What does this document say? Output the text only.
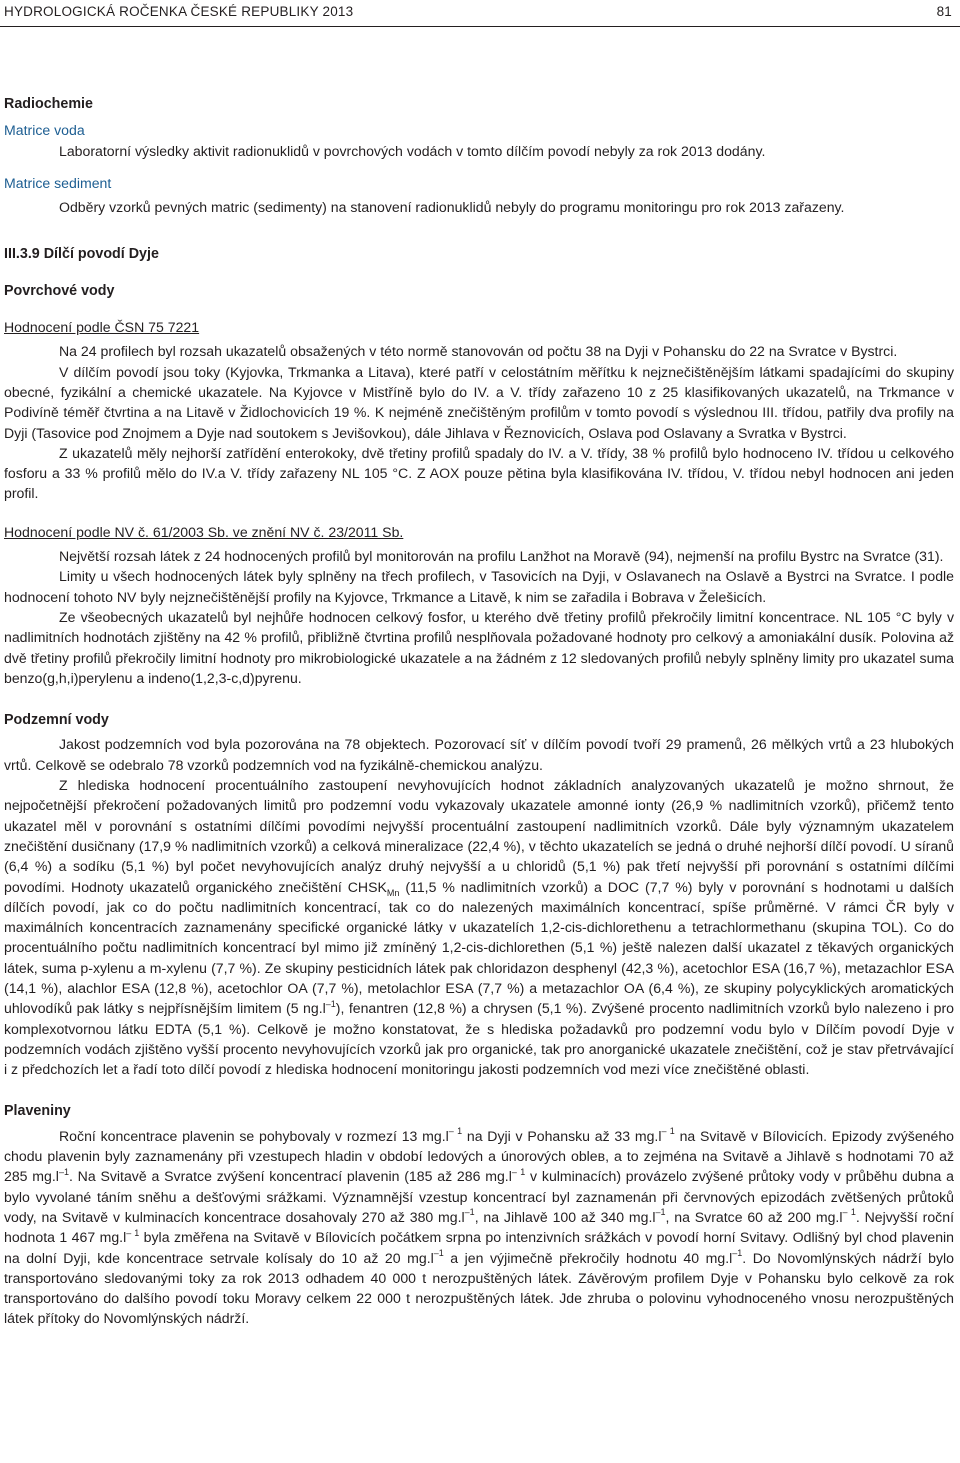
HYDROLOGICKÁ ROČENKA ČESKÉ REPUBLIKY 2013	81

Radiochemie

Matrice voda

Laboratorní výsledky aktivit radionuklidů v povrchových vodách v tomto dílčím povodí nebyly za rok 2013 dodány.

Matrice sediment

Odběry vzorků pevných matric (sedimenty) na stanovení radionuklidů nebyly do programu monitoringu pro rok 2013 zařazeny.

III.3.9 Dílčí povodí Dyje

Povrchové vody

Hodnocení podle ČSN 75 7221

Na 24 profilech byl rozsah ukazatelů obsažených v této normě stanovován od počtu 38 na Dyji v Pohansku do 22 na Svratce v Bystrci.

V dílčím povodí jsou toky (Kyjovka, Trkmanka a Litava), které patří v celostátním měřítku k nejznečištěnějším látkami spadajícími do skupiny obecné, fyzikální a chemické ukazatele. Na Kyjovce v Mistříně bylo do IV. a V. třídy zařazeno 10 z 25 klasifikovaných ukazatelů, na Trkmance v Podivíně téměř čtvrtina a na Litavě v Židlochovicích 19 %. K nejméně znečištěným profilům v tomto povodí s výslednou III. třídou, patřily dva profily na Dyji (Tasovice pod Znojmem a Dyje nad soutokem s Jevišovkou), dále Jihlava v Řeznovicích, Oslava pod Oslavany a Svratka v Bystrci.

Z ukazatelů měly nejhorší zatřídění enterokoky, dvě třetiny profilů spadaly do IV. a V. třídy, 38 % profilů bylo hodnoceno IV. třídou u celkového fosforu a 33 % profilů mělo do IV.a V. třídy zařazeny NL 105 °C. Z AOX pouze pětina byla klasifikována IV. třídou, V. třídou nebyl hodnocen ani jeden profil.

Hodnocení podle NV č. 61/2003 Sb. ve znění NV č. 23/2011 Sb.

Největší rozsah látek z 24 hodnocených profilů byl monitorován na profilu Lanžhot na Moravě (94), nejmenší na profilu Bystrc na Svratce (31).

Limity u všech hodnocených látek byly splněny na třech profilech, v Tasovicích na Dyji, v Oslavanech na Oslavě a Bystrci na Svratce. I podle hodnocení tohoto NV byly nejznečištěnější profily na Kyjovce, Trkmance a Litavě, k nim se zařadila i Bobrava v Želešicích.

Ze všeobecných ukazatelů byl nejhůře hodnocen celkový fosfor, u kterého dvě třetiny profilů překročily limitní koncentrace. NL 105 °C byly v nadlimitních hodnotách zjištěny na 42 % profilů, přibližně čtvrtina profilů nesplňovala požadované hodnoty pro celkový a amoniakální dusík. Polovina až dvě třetiny profilů překročily limitní hodnoty pro mikrobiologické ukazatele a na žádném z 12 sledovaných profilů nebyly splněny limity pro ukazatel suma benzo(g,h,i)perylenu a indeno(1,2,3-c,d)pyrenu.

Podzemní vody

Jakost podzemních vod byla pozorována na 78 objektech. Pozorovací síť v dílčím povodí tvoří 29 pramenů, 26 mělkých vrtů a 23 hlubokých vrtů. Celkově se odebralo 78 vzorků podzemních vod na fyzikálně-chemickou analýzu.

Z hlediska hodnocení procentuálního zastoupení nevyhovujících hodnot základních analyzovaných ukazatelů je možno shrnout, že nejpočetnější překročení požadovaných limitů pro podzemní vodu vykazovaly ukazatele amonné ionty (26,9 % nadlimitních vzorků), přičemž tento ukazatel měl v porovnání s ostatními dílčími povodími nejvyšší procentuální zastoupení nadlimitních vzorků. Dále byly významným ukazatelem znečištění dusičnany (17,9 % nadlimitních vzorků) a celková mineralizace (22,4 %), v těchto ukazatelích se jedná o druhé nejhorší dílčí povodí. U síranů (6,4 %) a sodíku (5,1 %) byl počet nevyhovujících analýz druhý nejvyšší a u chloridů (5,1 %) pak třetí nejvyšší při porovnání s ostatními dílčími povodími. Hodnoty ukazatelů organického znečištění $CHSK_{Mn}$ (11,5 % nadlimitních vzorků) a DOC (7,7 %) byly v porovnání s hodnotami u dalších dílčích povodí, jak co do počtu nadlimitních koncentrací, tak co do nalezených maximálních koncentrací, spíše průměrné. V rámci ČR byly v maximálních koncentracích zaznamenány specifické organické látky v ukazatelích 1,2-cis-dichlorethenu a tetrachlormethanu (skupina TOL). Co do procentuálního počtu nadlimitních koncentrací byl mimo již zmíněný 1,2-cis-dichlorethen (5,1 %) ještě nalezen další ukazatel z těkavých organických látek, suma p-xylenu a m-xylenu (7,7 %). Ze skupiny pesticidních látek pak chloridazon desphenyl (42,3 %), acetochlor ESA (16,7 %), metazachlor ESA (14,1 %), alachlor ESA (12,8 %), acetochlor OA (7,7 %), metolachlor ESA (7,7 %) a metazachlor OA (6,4 %), ze skupiny polycyklických aromatických uhlovodíků pak látky s nejpřísnějším limitem (5 $ng.l^{-1}$), fenantren (12,8 %) a chrysen (5,1 %). Zvýšené procento nadlimitních vzorků bylo nalezeno i pro komplexotvornou látku EDTA (5,1 %). Celkově je možno konstatovat, že s hlediska požadavků pro podzemní vodu bylo v Dílčím povodí Dyje v podzemních vodách zjištěno vyšší procento nevyhovujících vzorků jak pro organické, tak pro anorganické ukazatele znečištění, což je stav přetrvávající i z předchozích let a řadí toto dílčí povodí z hlediska hodnocení monitoringu jakosti podzemních vod mezi více znečištěné oblasti.

Plaveniny

Roční koncentrace plavenin se pohybovaly v rozmezí 13 $mg.l^{- 1}$ na Dyji v Pohansku až 33 $mg.l^{- 1}$ na Svitavě v Bílovicích. Epizody zvýšeného chodu plavenin byly zaznamenány při vzestupech hladin v období ledových a únorových obleв, a to zejména na Svitavě a Jihlavě s hodnotami 70 až 285 $mg.l^{-1}$. Na Svitavě a Svratce zvýšení koncentrací plavenin (185 až 286 $mg.l^{- 1}$ v kulminacích) provázelo zvýšené průtoky vody v průběhu dubna a bylo vyvolané táním sněhu a dešťovými srážkami. Významnější vzestup koncentrací byl zaznamenán při červnových epizodách zvětšených průtoků vody, na Svitavě v kulminacích koncentrace dosahovaly 270 až 380 $mg.l^{-1}$, na Jihlavě 100 až 340 $mg.l^{-1}$, na Svratce 60 až 200 $mg.l^{- 1}$. Nejvyšší roční hodnota 1 467 $mg.l^{- 1}$ byla změřena na Svitavě v Bílovicích počátkem srpna po intenzivních srážkách v povodí horní Svitavy. Odlišný byl chod plavenin na dolní Dyji, kde koncentrace setrvale kolísaly do 10 až 20 $mg.l^{-1}$ a jen výjimečně překročily hodnotu 40 $mg.l^{-1}$. Do Novomlýnských nádrží bylo transportováno sledovanými toky za rok 2013 odhadem 40 000 t nerozpuštěných látek. Závěrovým profilem Dyje v Pohansku bylo celkově za rok transportováno do dalšího povodí toku Moravy celkem 22 000 t nerozpuštěných látek. Jde zhruba o polovinu vyhodnoceného vnosu nerozpuštěných látek přítoky do Novomlýnských nádrží.
